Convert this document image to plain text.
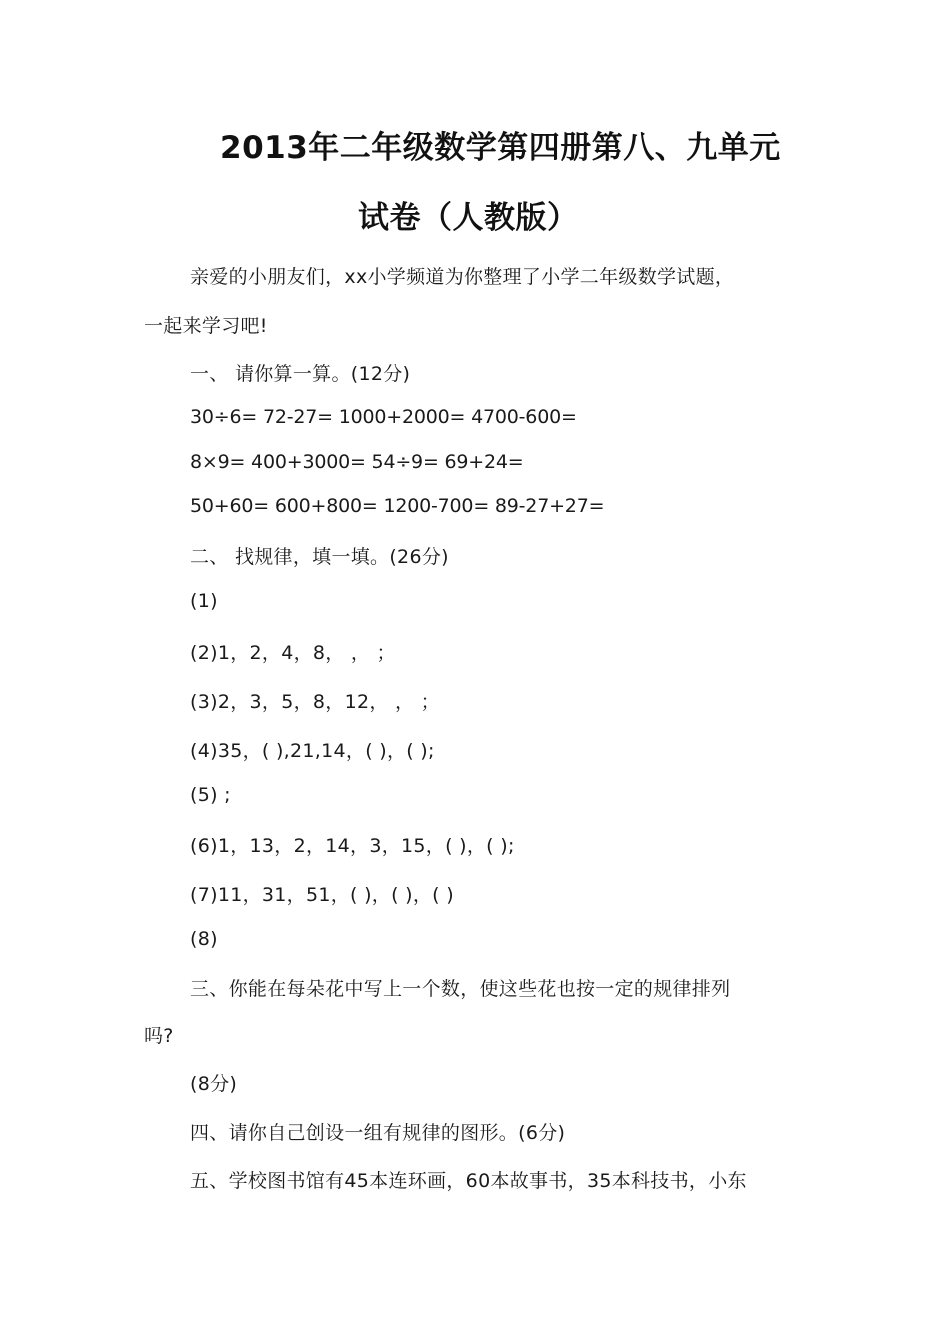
2013年二年级数学第四册第八、九单元
试卷（人教版）
亲爱的小朋友们，xx小学频道为你整理了小学二年级数学试题，
一起来学习吧!
一、 请你算一算。(12分)
30÷6= 72-27= 1000+2000= 4700-600=
8×9= 400+3000= 54÷9= 69+24=
50+60= 600+800= 1200-700= 89-27+27=
二、 找规律，填一填。(26分)
(1)
(2)1，2，4，8， ， ；
(3)2，3，5，8，12， ， ；
(4)35，( ),21,14，( )，( );
(5) ;
(6)1，13，2，14，3，15，( )，( );
(7)11，31，51，( )，( )，( )
(8)
三、你能在每朵花中写上一个数，使这些花也按一定的规律排列
吗?
(8分)
四、请你自己创设一组有规律的图形。(6分)
五、学校图书馆有45本连环画，60本故事书，35本科技书，小东
